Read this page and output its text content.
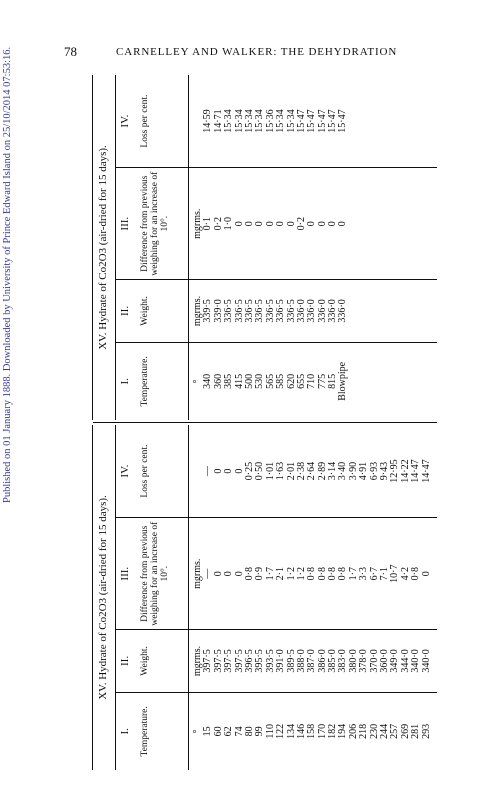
Published on 01 January 1888. Downloaded by University of Prince Edward Island on 25/10/2014 07:53:16.	78	CARNELLEY AND WALKER: THE DEHYDRATION
XV. Hydrate of Co2O3 (air-dried for 15 days).
I. Temperature.
II. Weight.
III. Difference from previous weighing for an increase of 10°.
IV. Loss per cent.
° 15 60 62 74 80 99 110 122 134 146 158 170 182 194 206 218 230 244 257 269 281 293
mgrms. 397·5 397·5 397·5 397·5 396·5 395·5 393·5 391·0 389·5 388·0 387·0 386·0 385·0 383·0 380·0 378·0 370·0 360·0 349·0 344·0 340·0 340·0
mgrms. — 0 0 0 0·8 0·9 1·7 2·1 1·2 1·2 0·8 0·8 0·8 0·8 1·7 3·3 6·7 7·1 10·7 4·2 0·8 0
— 0 0 0 0·25 0·50 1·01 1·63 2·01 2·38 2·64 2·89 3·14 3·40 3·90 4·91 6·93 9·43 12·95 14·22 14·47 14·47
XV. Hydrate of Co2O3 (air-dried for 15 days).
I. Temperature.
II. Weight.
III. Difference from previous weighing for an increase of 10°.
IV. Loss per cent.
° 340 360 385 415 500 530 565 585 620 655 710 775 815 Blowpipe
mgrms. 339·5 339·0 336·5 336·5 336·5 336·5 336·5 336·5 336·5 336·0 336·0 336·0 336·0 336·0
mgrms. 0·1 0·2 1·0 0 0 0 0 0 0 0·2 0 0 0 0
14·59 14·71 15·34 15·34 15·34 15·34 15·36 15·34 15·34 15·47 15·47 15·47 15·47 15·47
